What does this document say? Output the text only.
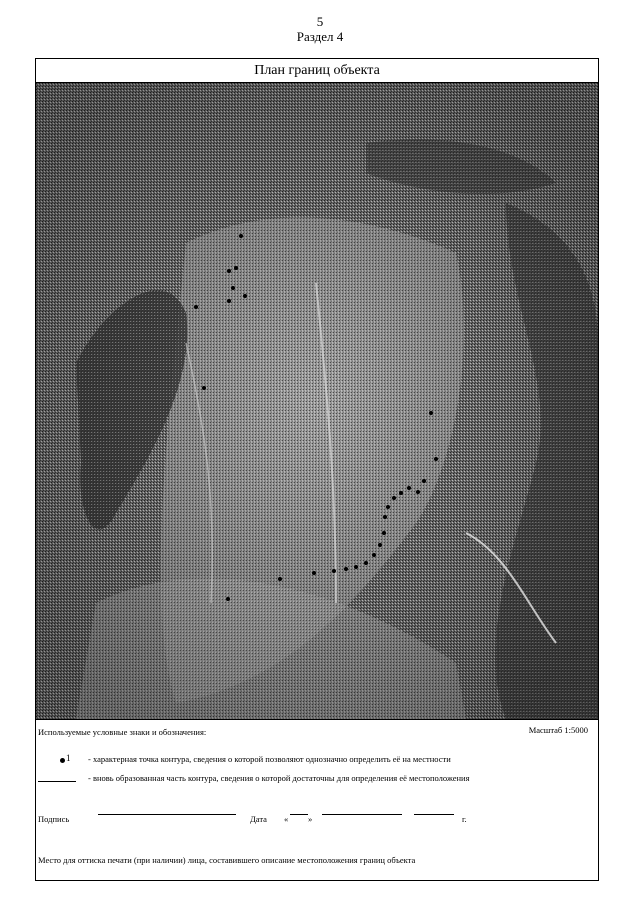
5
Раздел 4
План границ объекта
Используемые условные знаки и обозначения:	Масштаб 1:5000
1 - характерная точка контура, сведения о которой позволяют однозначно определить её на местности
- вновь образованная часть контура, сведения о которой достаточны для определения её местоположения
Подпись	Дата « »	г.
Место для оттиска печати (при наличии) лица, составившего описание местоположения границ объекта
